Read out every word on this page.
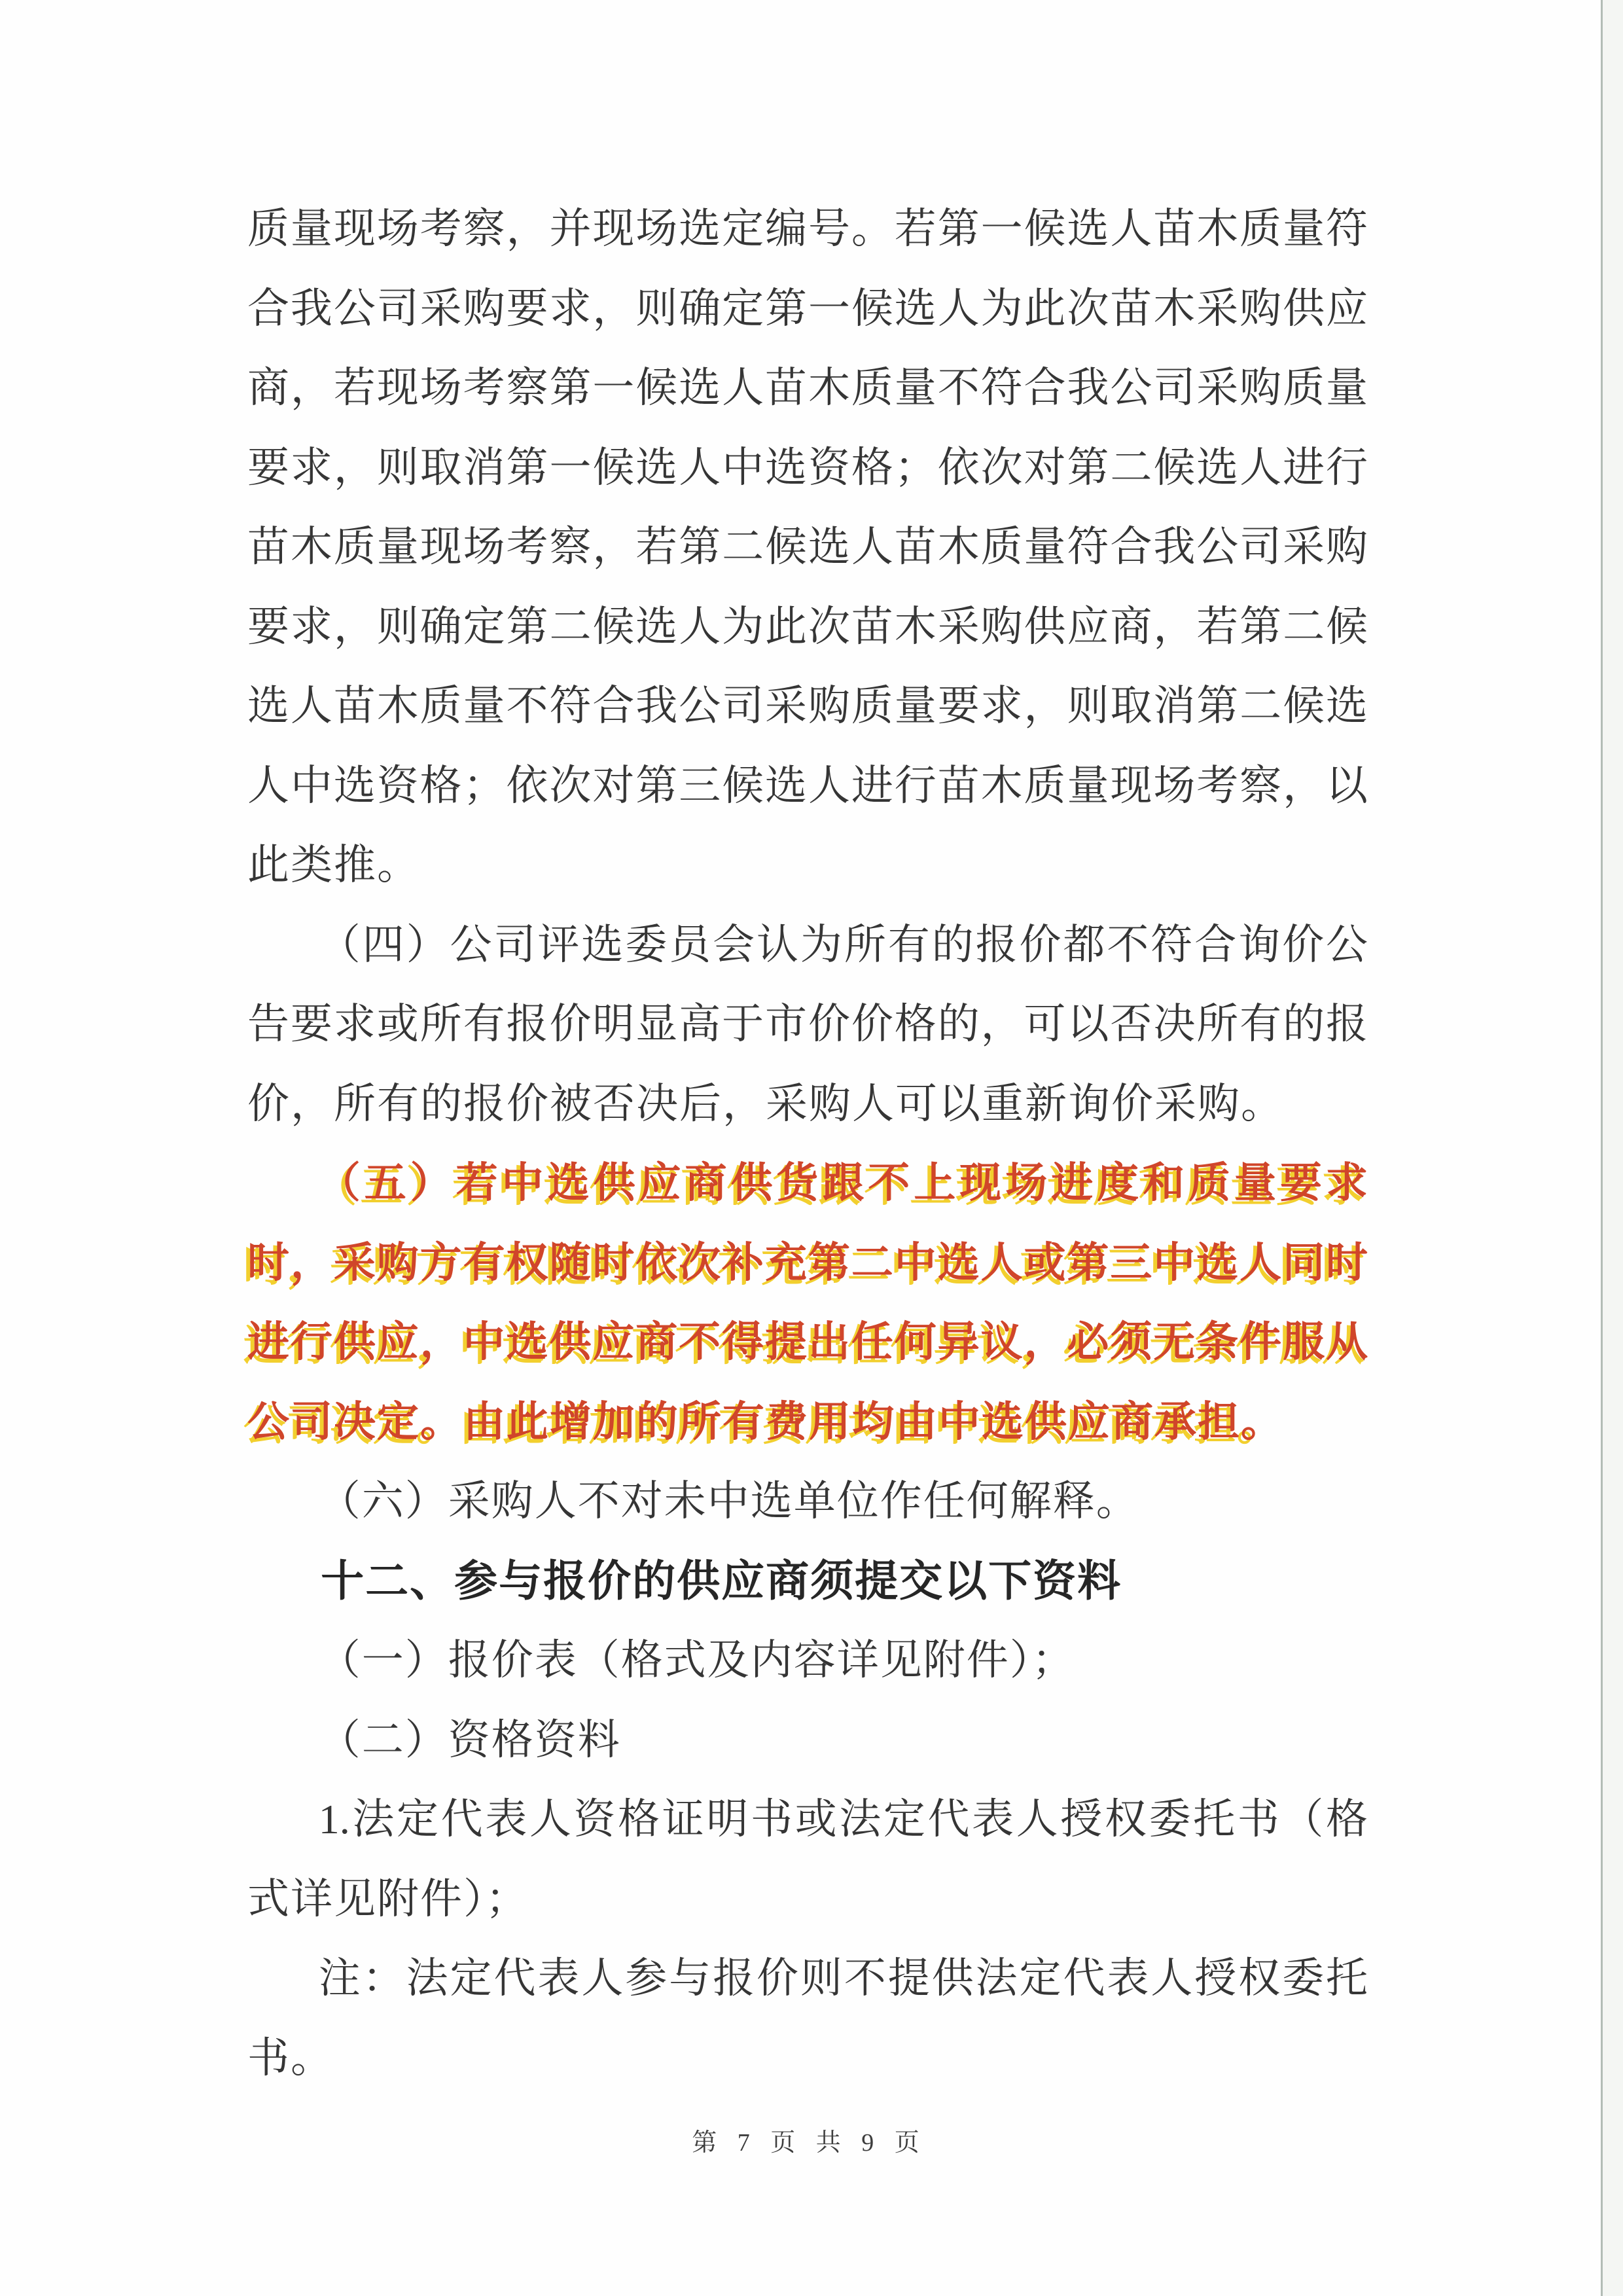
质量现场考察，并现场选定编号。若第一候选人苗木质量符
合我公司采购要求，则确定第一候选人为此次苗木采购供应
商，若现场考察第一候选人苗木质量不符合我公司采购质量
要求，则取消第一候选人中选资格；依次对第二候选人进行
苗木质量现场考察，若第二候选人苗木质量符合我公司采购
要求，则确定第二候选人为此次苗木采购供应商，若第二候
选人苗木质量不符合我公司采购质量要求，则取消第二候选
人中选资格；依次对第三候选人进行苗木质量现场考察，以
此类推。
（四）公司评选委员会认为所有的报价都不符合询价公
告要求或所有报价明显高于市价价格的，可以否决所有的报
价，所有的报价被否决后，采购人可以重新询价采购。
（五）若中选供应商供货跟不上现场进度和质量要求
时，采购方有权随时依次补充第二中选人或第三中选人同时
进行供应，中选供应商不得提出任何异议，必须无条件服从
公司决定。由此增加的所有费用均由中选供应商承担。
（六）采购人不对未中选单位作任何解释。
十二、参与报价的供应商须提交以下资料
（一）报价表（格式及内容详见附件）；
（二）资格资料
1.法定代表人资格证明书或法定代表人授权委托书（格
式详见附件）；
注：法定代表人参与报价则不提供法定代表人授权委托
书。
第 7 页 共 9 页
